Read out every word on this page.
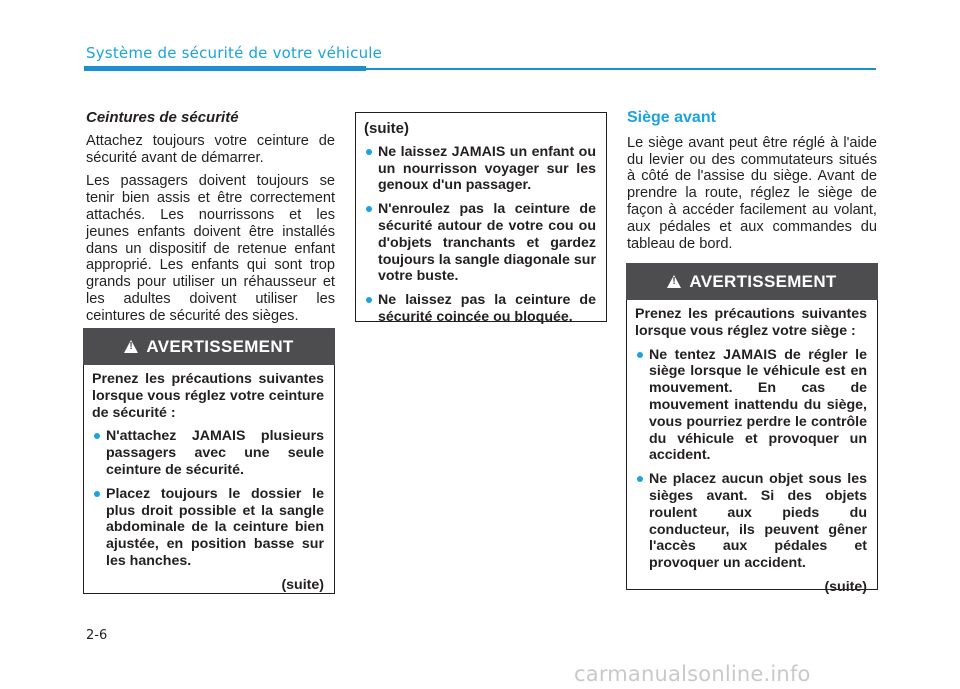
Système de sécurité de votre véhicule
Ceintures de sécurité

Attachez toujours votre ceinture de sécurité avant de démarrer.

Les passagers doivent toujours se tenir bien assis et être correctement attachés. Les nourrissons et les jeunes enfants doivent être installés dans un dispositif de retenue enfant approprié. Les enfants qui sont trop grands pour utiliser un réhausseur et les adultes doivent utiliser les ceintures de sécurité des sièges.

!
AVERTISSEMENT

Prenez les précautions suivantes lorsque vous réglez votre ceinture de sécurité :

N'attachez JAMAIS plusieurs passagers avec une seule ceinture de sécurité.
Placez toujours le dossier le plus droit possible et la sangle abdominale de la ceinture bien ajustée, en position basse sur les hanches.
(suite)
(suite)
Ne laissez JAMAIS un enfant ou un nourrisson voyager sur les genoux d'un passager.
N'enroulez pas la ceinture de sécurité autour de votre cou ou d'objets tranchants et gardez toujours la sangle diagonale sur votre buste.
Ne laissez pas la ceinture de sécurité coincée ou bloquée.
Siège avant

Le siège avant peut être réglé à l'aide du levier ou des commutateurs situés à côté de l'assise du siège. Avant de prendre la route, réglez le siège de façon à accéder facilement au volant, aux pédales et aux commandes du tableau de bord.

!
AVERTISSEMENT

Prenez les précautions suivantes lorsque vous réglez votre siège :

Ne tentez JAMAIS de régler le siège lorsque le véhicule est en mouvement. En cas de mouvement inattendu du siège, vous pourriez perdre le contrôle du véhicule et provoquer un accident.
Ne placez aucun objet sous les sièges avant. Si des objets roulent aux pieds du conducteur, ils peuvent gêner l'accès aux pédales et provoquer un accident.
(suite)
2-6
carmanualsonline.info
